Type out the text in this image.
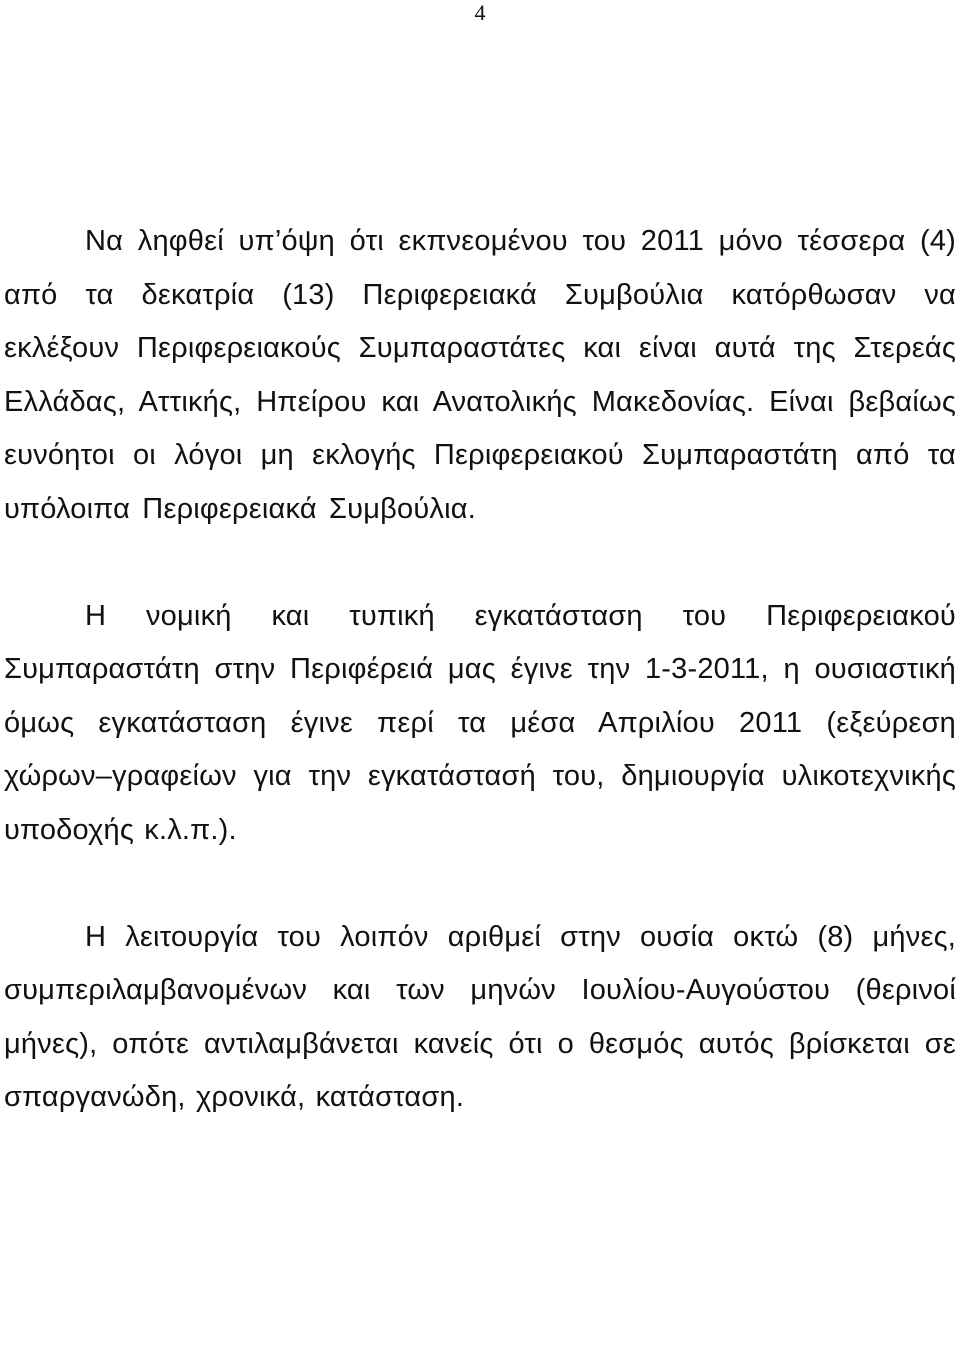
4

Να ληφθεί υπ’όψη ότι εκπνεομένου του 2011 μόνο τέσσερα (4) από τα δεκατρία (13) Περιφερειακά Συμβούλια κατόρθωσαν να εκλέξουν Περιφερειακούς Συμπαραστάτες και είναι αυτά της Στερεάς Ελλάδας, Αττικής, Ηπείρου και Ανατολικής Μακεδονίας. Είναι βεβαίως ευνόητοι οι λόγοι μη εκλογής Περιφερειακού Συμπαραστάτη από τα υπόλοιπα Περιφερειακά Συμβούλια.

Η νομική και τυπική εγκατάσταση του Περιφερειακού Συμπαραστάτη στην Περιφέρειά μας έγινε την 1-3-2011, η ουσιαστική όμως εγκατάσταση έγινε περί τα μέσα Απριλίου 2011 (εξεύρεση χώρων–γραφείων για την εγκατάστασή του, δημιουργία υλικοτεχνικής υποδοχής κ.λ.π.).

Η λειτουργία του λοιπόν αριθμεί στην ουσία οκτώ (8) μήνες, συμπεριλαμβανομένων και των μηνών Ιουλίου-Αυγούστου (θερινοί μήνες), οπότε αντιλαμβάνεται κανείς ότι ο θεσμός αυτός βρίσκεται σε σπαργανώδη, χρονικά, κατάσταση.
